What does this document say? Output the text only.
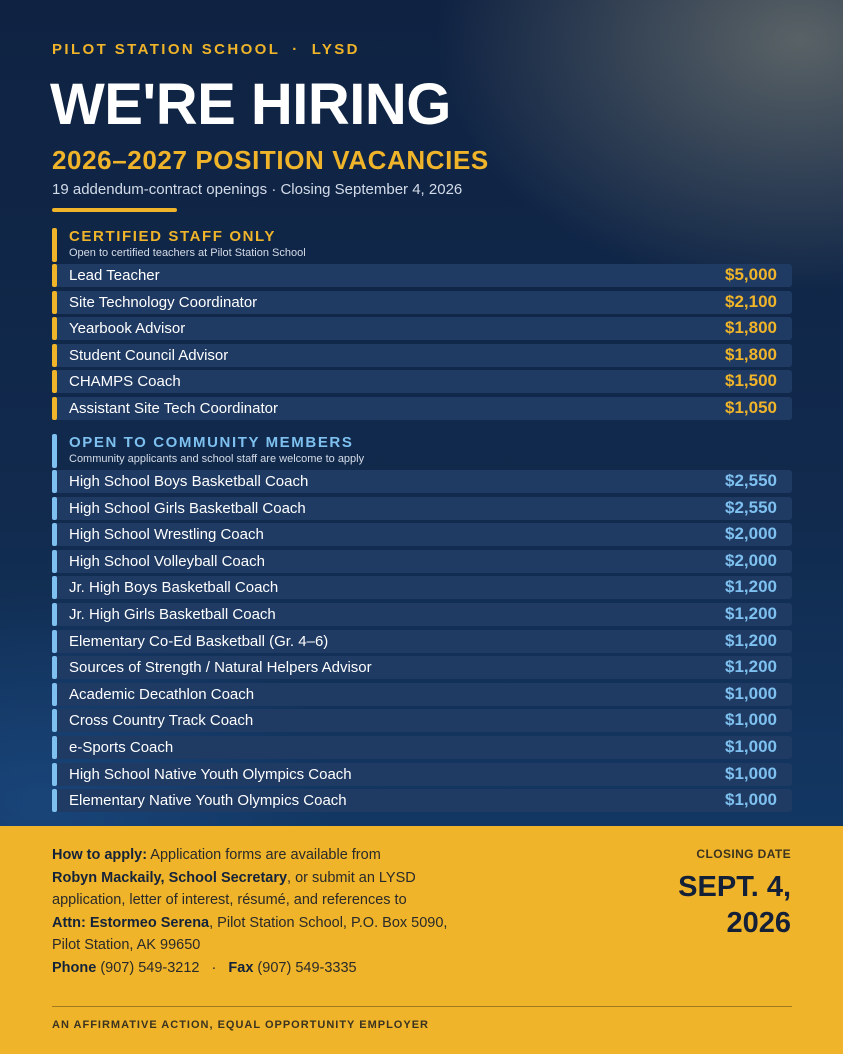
PILOT STATION SCHOOL · LYSD
WE'RE HIRING
2026–2027 POSITION VACANCIES
19 addendum-contract openings · Closing September 4, 2026
CERTIFIED STAFF ONLY
Open to certified teachers at Pilot Station School
Lead Teacher	$5,000
Site Technology Coordinator	$2,100
Yearbook Advisor	$1,800
Student Council Advisor	$1,800
CHAMPS Coach	$1,500
Assistant Site Tech Coordinator	$1,050
OPEN TO COMMUNITY MEMBERS
Community applicants and school staff are welcome to apply
High School Boys Basketball Coach	$2,550
High School Girls Basketball Coach	$2,550
High School Wrestling Coach	$2,000
High School Volleyball Coach	$2,000
Jr. High Boys Basketball Coach	$1,200
Jr. High Girls Basketball Coach	$1,200
Elementary Co-Ed Basketball (Gr. 4–6)	$1,200
Sources of Strength / Natural Helpers Advisor	$1,200
Academic Decathlon Coach	$1,000
Cross Country Track Coach	$1,000
e-Sports Coach	$1,000
High School Native Youth Olympics Coach	$1,000
Elementary Native Youth Olympics Coach	$1,000
How to apply: Application forms are available from
Robyn Mackaily, School Secretary, or submit an LYSD application, letter of interest, résumé, and references to
Attn: Estormeo Serena, Pilot Station School, P.O. Box 5090,
Pilot Station, AK 99650
Phone (907) 549-3212 · Fax (907) 549-3335
CLOSING DATE
SEPT. 4,
2026
AN AFFIRMATIVE ACTION, EQUAL OPPORTUNITY EMPLOYER
